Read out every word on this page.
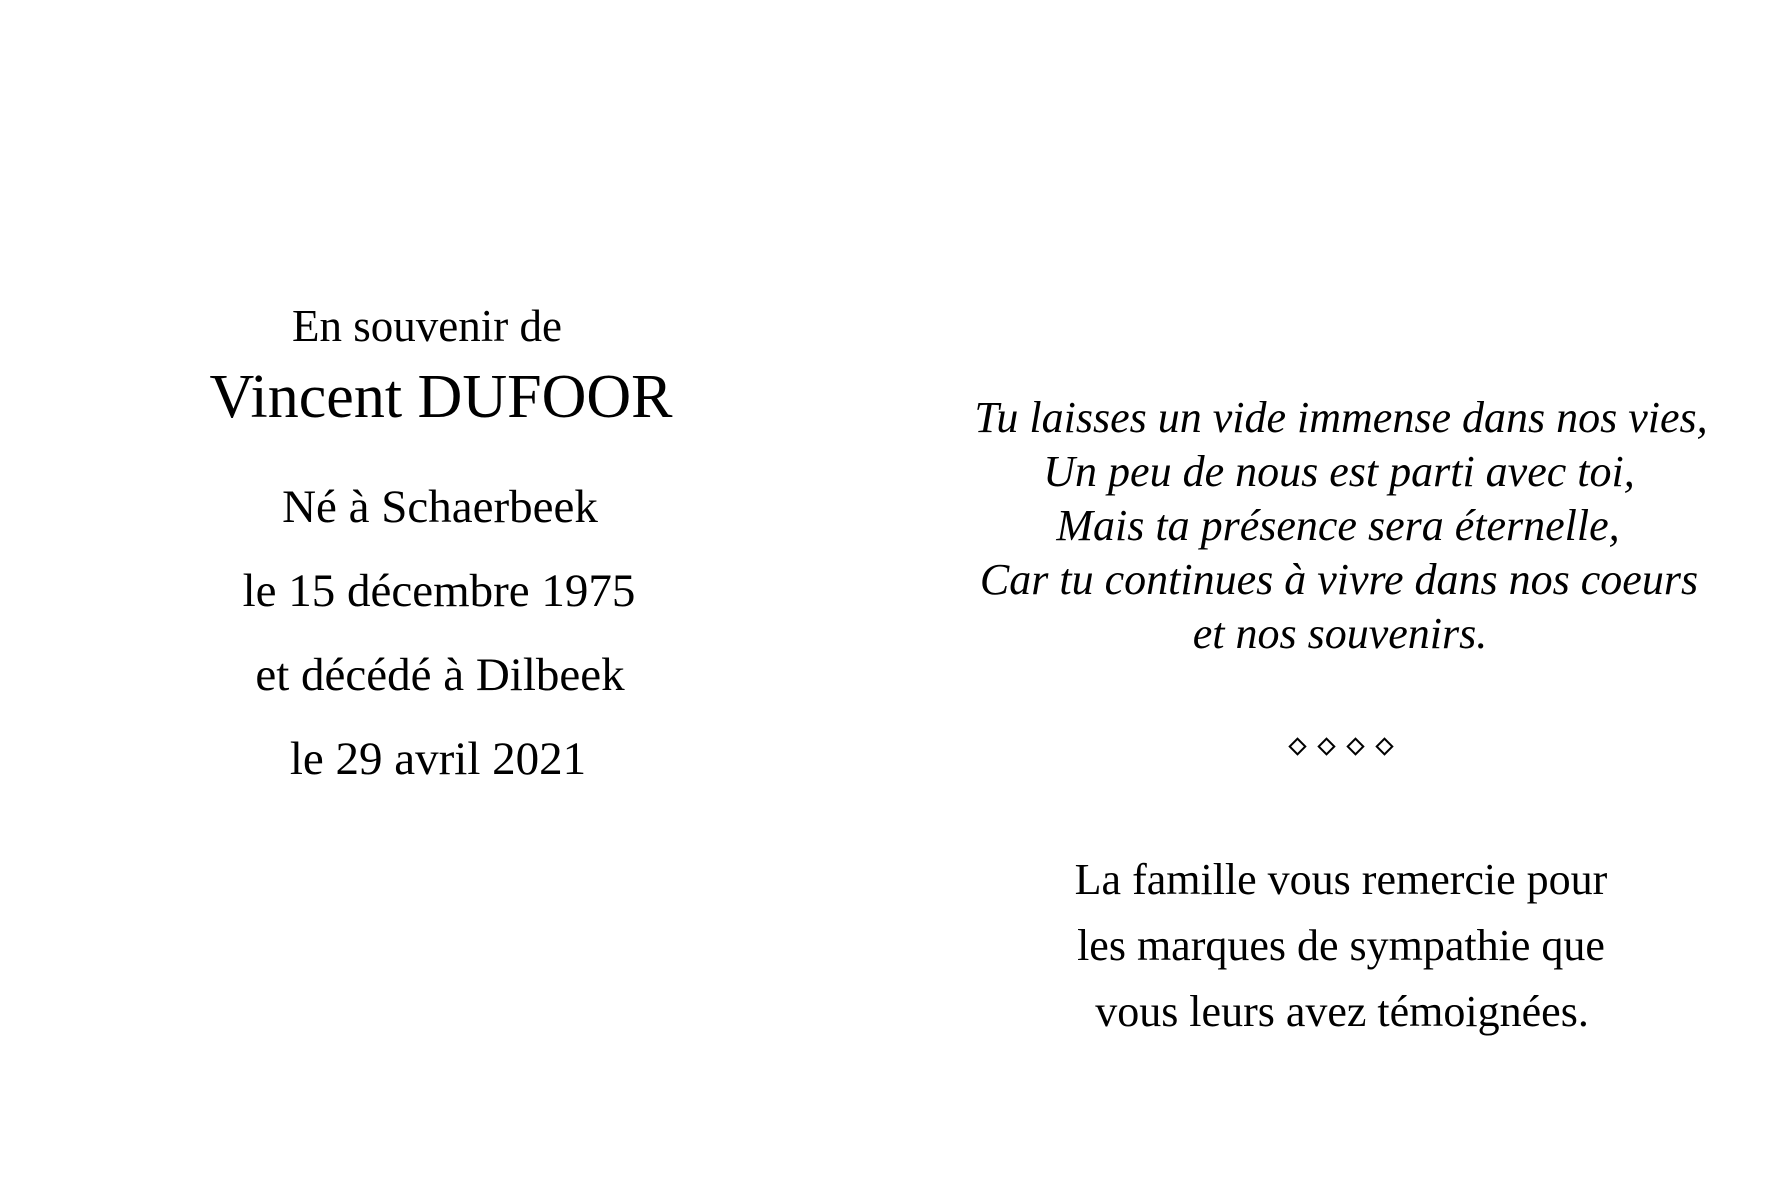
En souvenir de
Vincent DUFOOR
Né à Schaerbeek
le 15 décembre 1975
et décédé à Dilbeek
le 29 avril 2021
Tu laisses un vide immense dans nos vies,
Un peu de nous est parti avec toi,
Mais ta présence sera éternelle,
Car tu continues à vivre dans nos coeurs
et nos souvenirs.
La famille vous remercie pour
les marques de sympathie que
vous leurs avez témoignées.
